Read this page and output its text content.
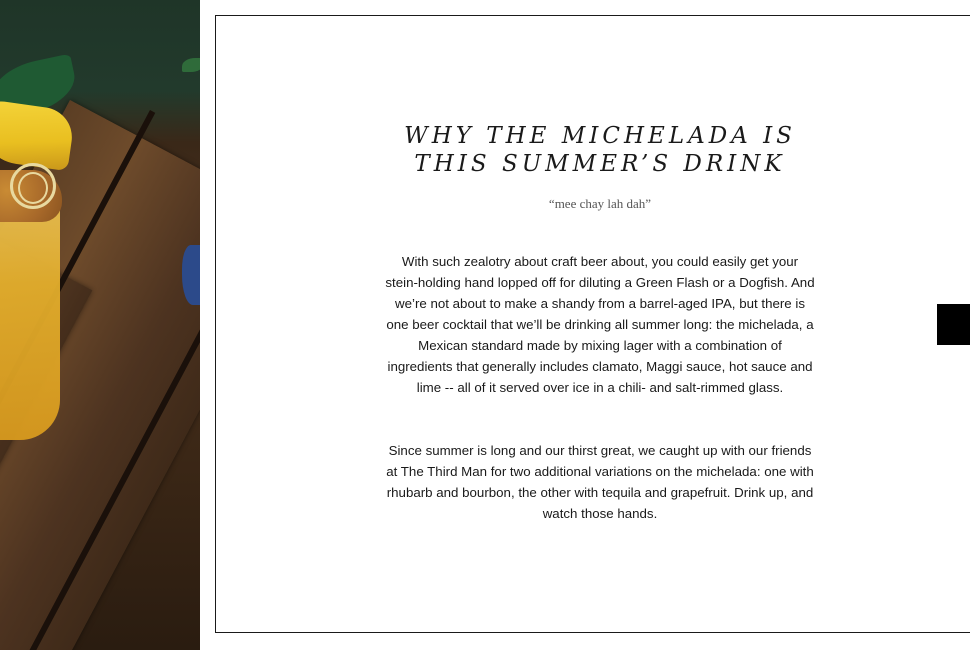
WHY THE MICHELADA IS
THIS SUMMER’S DRINK
“mee chay lah dah”

With such zealotry about craft beer about, you could easily get your stein-holding hand lopped off for diluting a Green Flash or a Dogfish. And we’re not about to make a shandy from a barrel-aged IPA, but there is one beer cocktail that we’ll be drinking all summer long: the michelada, a Mexican standard made by mixing lager with a combination of ingredients that generally includes clamato, Maggi sauce, hot sauce and lime -- all of it served over ice in a chili- and salt-rimmed glass.

Since summer is long and our thirst great, we caught up with our friends at The Third Man for two additional variations on the michelada: one with rhubarb and bourbon, the other with tequila and grapefruit. Drink up, and watch those hands.
